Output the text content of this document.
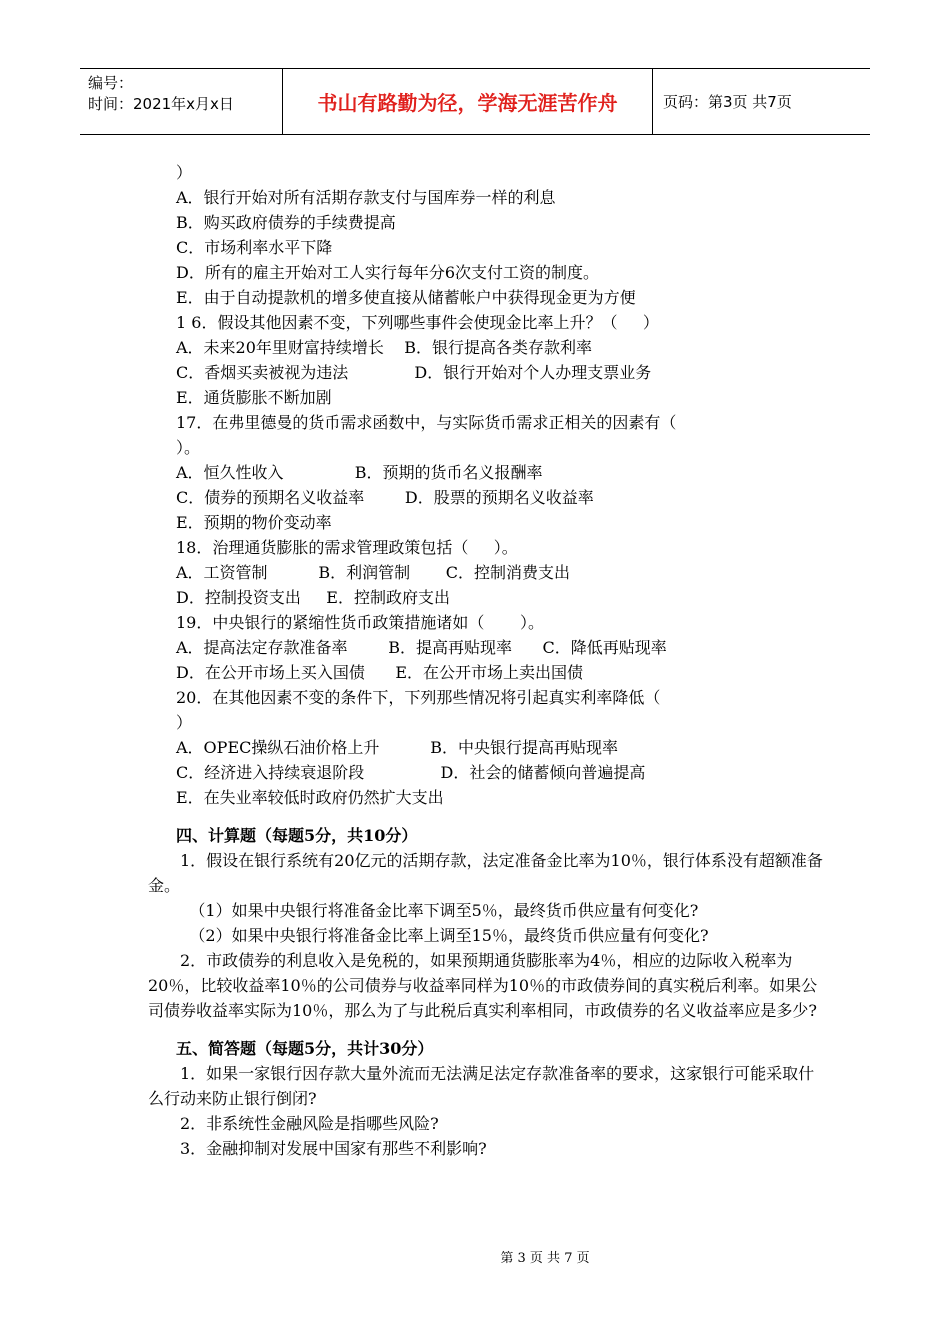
编号：
时间：2021年x月x日	书山有路勤为径，学海无涯苦作舟	页码：第3页 共7页
）
A．银行开始对所有活期存款支付与国库券一样的利息
B．购买政府债券的手续费提高
C．市场利率水平下降
D．所有的雇主开始对工人实行每年分6次支付工资的制度。
E．由于自动提款机的增多使直接从储蓄帐户中获得现金更为方便
1 6．假设其他因素不变，下列哪些事件会使现金比率上升？（     ）
A．未来20年里财富持续增长    B．银行提高各类存款利率
C．香烟买卖被视为违法             D．银行开始对个人办理支票业务
E．通货膨胀不断加剧
17．在弗里德曼的货币需求函数中，与实际货币需求正相关的因素有（
）。
A．恒久性收入              B．预期的货币名义报酬率
C．债券的预期名义收益率        D．股票的预期名义收益率
E．预期的物价变动率
18．治理通货膨胀的需求管理政策包括（     ）。
A．工资管制          B．利润管制       C．控制消费支出
D．控制投资支出     E．控制政府支出
19．中央银行的紧缩性货币政策措施诸如（       ）。
A．提高法定存款准备率        B．提高再贴现率      C．降低再贴现率
D．在公开市场上买入国债      E．在公开市场上卖出国债
20．在其他因素不变的条件下，下列那些情况将引起真实利率降低（
）
A．OPEC操纵石油价格上升          B．中央银行提高再贴现率
C．经济进入持续衰退阶段               D．社会的储蓄倾向普遍提高
E．在失业率较低时政府仍然扩大支出
四、计算题（每题5分，共10分）
1．假设在银行系统有20亿元的活期存款，法定准备金比率为10％，银行体系没有超额准备金。
（1）如果中央银行将准备金比率下调至5％，最终货币供应量有何变化?
（2）如果中央银行将准备金比率上调至15％，最终货币供应量有何变化?
2．市政债券的利息收入是免税的，如果预期通货膨胀率为4％，相应的边际收入税率为20％，比较收益率10％的公司债券与收益率同样为10％的市政债券间的真实税后利率。如果公司债券收益率实际为10％，那么为了与此税后真实利率相同，市政债券的名义收益率应是多少?
五、简答题（每题5分，共计30分）
1．如果一家银行因存款大量外流而无法满足法定存款准备率的要求，这家银行可能采取什么行动来防止银行倒闭?
2．非系统性金融风险是指哪些风险?
3．金融抑制对发展中国家有那些不利影响?
第 3 页 共 7 页
